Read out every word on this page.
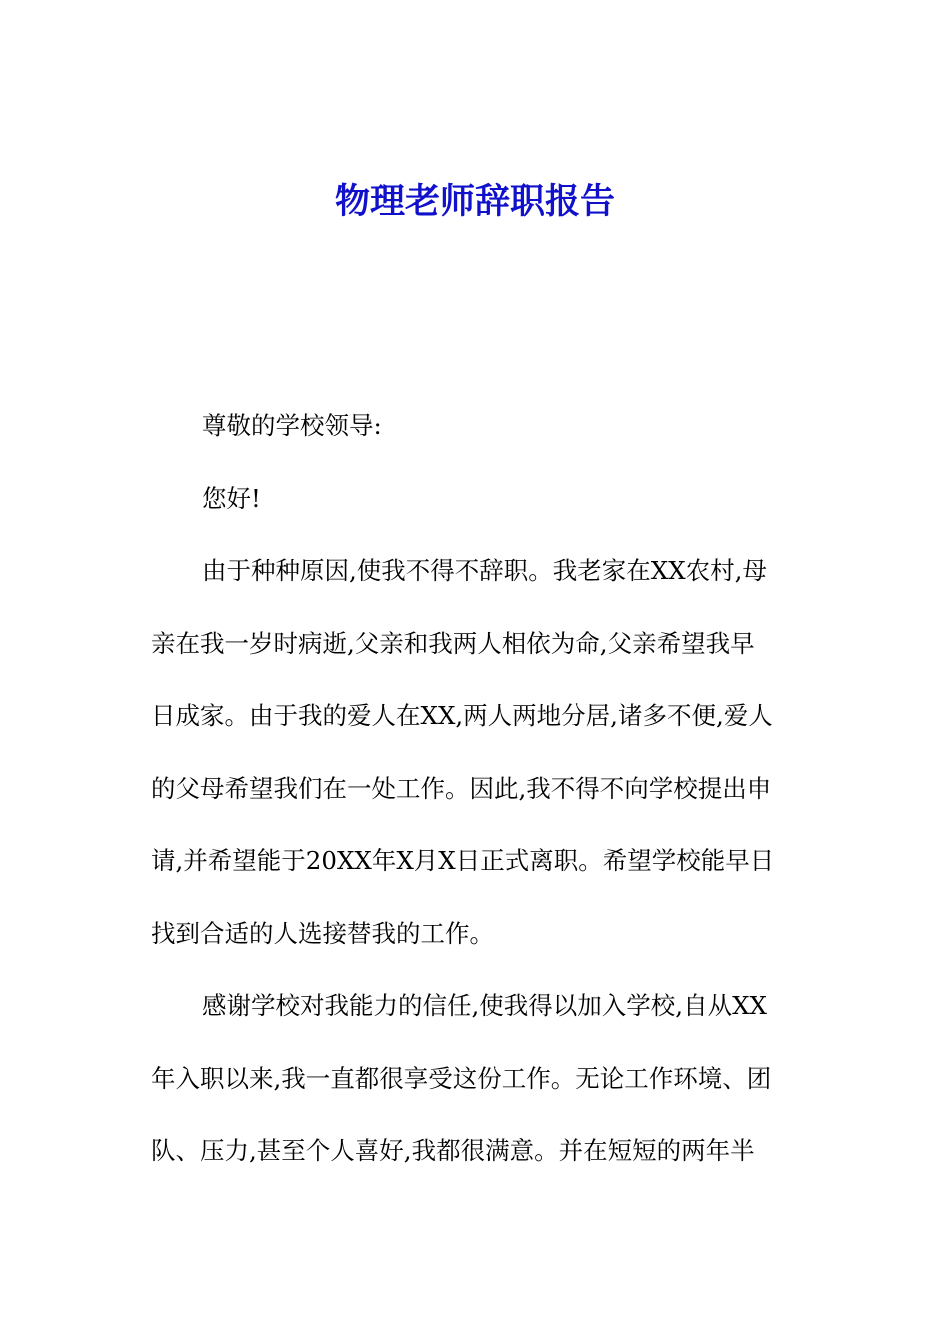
物理老师辞职报告
尊敬的学校领导:
您好!
由于种种原因,使我不得不辞职。我老家在XX农村,母
亲在我一岁时病逝,父亲和我两人相依为命,父亲希望我早
日成家。由于我的爱人在XX,两人两地分居,诸多不便,爱人
的父母希望我们在一处工作。因此,我不得不向学校提出申
请,并希望能于20XX年X月X日正式离职。希望学校能早日
找到合适的人选接替我的工作。
感谢学校对我能力的信任,使我得以加入学校,自从XX
年入职以来,我一直都很享受这份工作。无论工作环境、团
队、压力,甚至个人喜好,我都很满意。并在短短的两年半
